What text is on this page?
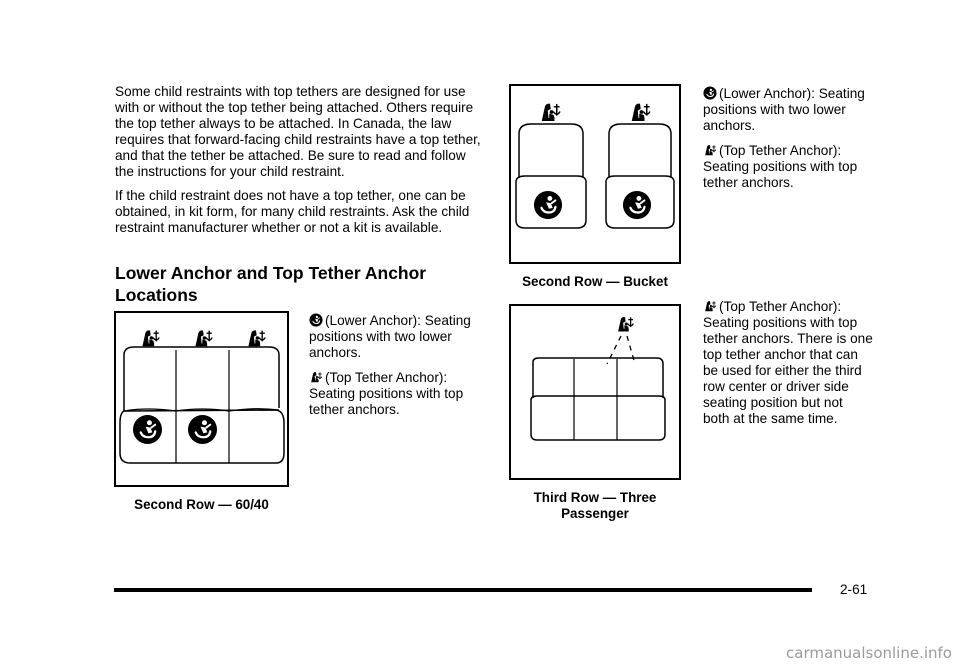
Some child restraints with top tethers are designed for use with or without the top tether being attached. Others require the top tether always to be attached. In Canada, the law requires that forward-facing child restraints have a top tether, and that the tether be attached. Be sure to read and follow the instructions for your child restraint.

If the child restraint does not have a top tether, one can be obtained, in kit form, for many child restraints. Ask the child restraint manufacturer whether or not a kit is available.

Lower Anchor and Top Tether Anchor Locations

Second Row — 60/40

(Lower Anchor): Seating positions with two lower anchors.

(Top Tether Anchor): Seating positions with top tether anchors.

Second Row — Bucket

(Lower Anchor): Seating positions with two lower anchors.

(Top Tether Anchor): Seating positions with top tether anchors.

Third Row — Three Passenger

(Top Tether Anchor): Seating positions with top tether anchors. There is one top tether anchor that can be used for either the third row center or driver side seating position but not both at the same time.

2-61
carmanualsonline.info
